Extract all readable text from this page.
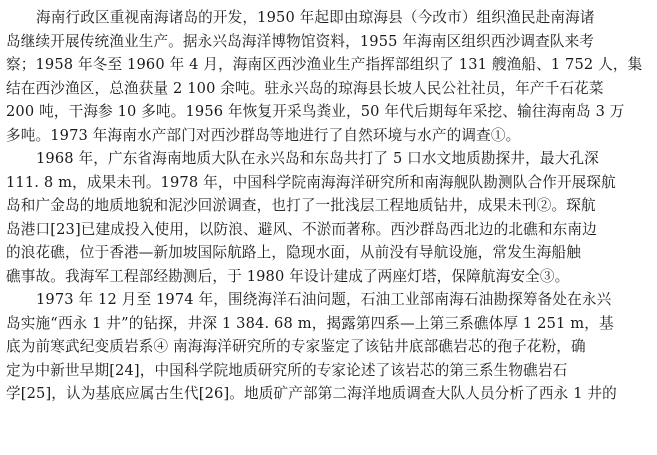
海南行政区重视南海诸岛的开发，1950 年起即由琼海县（今改市）组织渔民赴南海诸
岛继续开展传统渔业生产。据永兴岛海洋博物馆资料，1955 年海南区组织西沙调查队来考
察；1958 年冬至 1960 年 4 月，海南区西沙渔业生产指挥部组织了 131 艘渔船、1 752 人，集
结在西沙渔区，总渔获量 2 100 余吨。驻永兴岛的琼海县长坡人民公社社员，年产千石花菜
200 吨，干海参 10 多吨。1956 年恢复开采鸟粪业，50 年代后期每年采挖、输往海南岛 3 万
多吨。1973 年海南水产部门对西沙群岛等地进行了自然环境与水产的调查①。
1968 年，广东省海南地质大队在永兴岛和东岛共打了 5 口水文地质勘探井，最大孔深
111. 8 m，成果未刊。1978 年，中国科学院南海海洋研究所和南海舰队勘测队合作开展琛航
岛和广金岛的地质地貌和泥沙回淤调查，也打了一批浅层工程地质钻井，成果未刊②。琛航
岛港口[23]已建成投入使用，以防浪、避风、不淤而著称。西沙群岛西北边的北礁和东南边
的浪花礁，位于香港—新加坡国际航路上，隐现水面，从前没有导航设施，常发生海船触
礁事故。我海军工程部经勘测后，于 1980 年设计建成了两座灯塔，保障航海安全③。
1973 年 12 月至 1974 年，围绕海洋石油问题，石油工业部南海石油勘探筹备处在永兴
岛实施“西永 1 井”的钻探，井深 1 384. 68 m，揭露第四系—上第三系礁体厚 1 251 m，基
底为前寒武纪变质岩系④ 南海海洋研究所的专家鉴定了该钻井底部礁岩芯的孢子花粉，确
定为中新世早期[24]，中国科学院地质研究所的专家论述了该岩芯的第三系生物礁岩石
学[25]，认为基底应属古生代[26]。地质矿产部第二海洋地质调查大队人员分析了西永 1 井的
